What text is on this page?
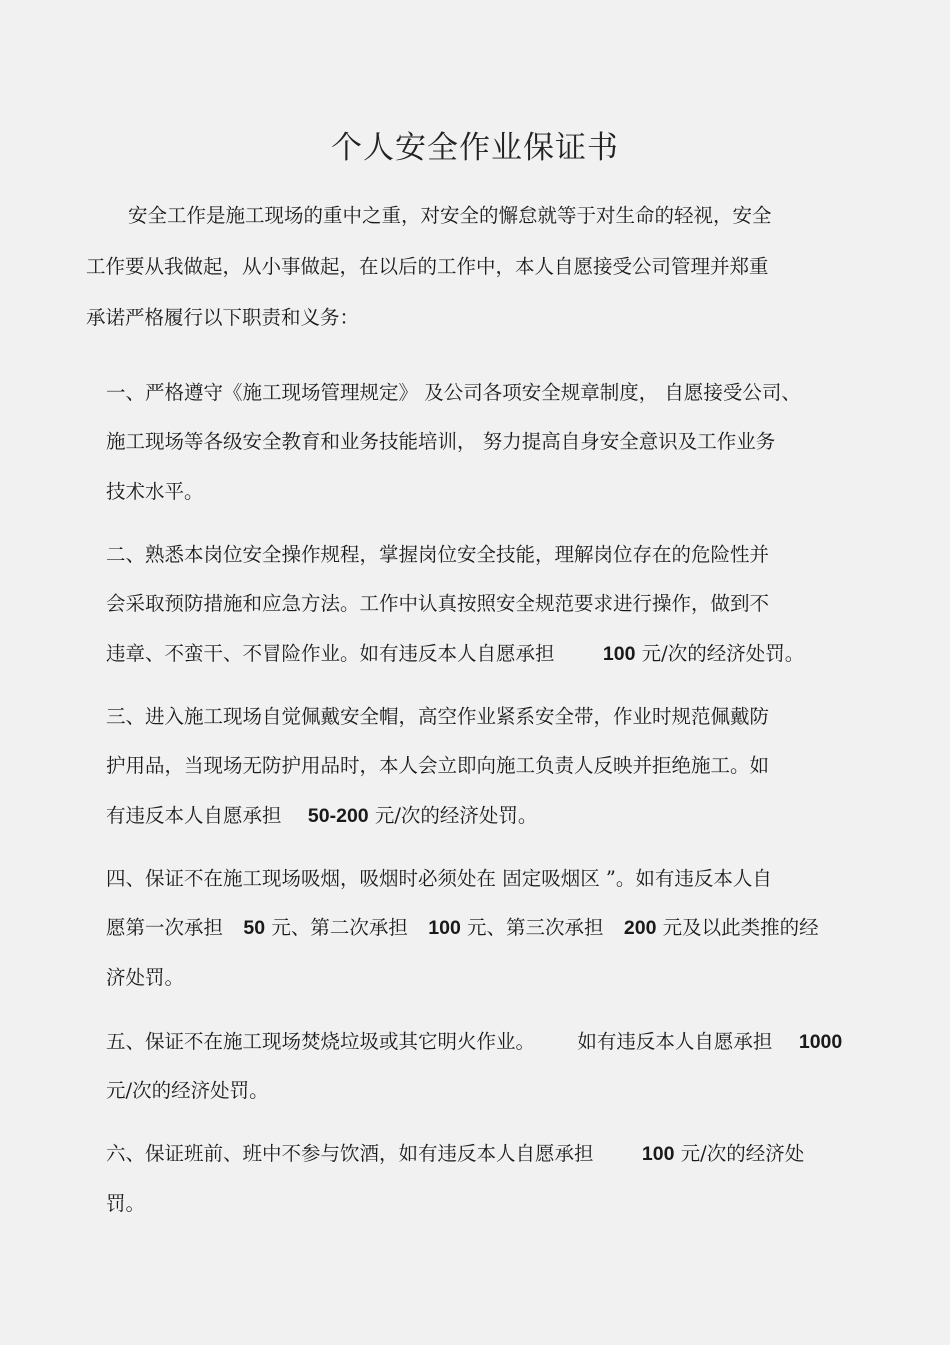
个人安全作业保证书
安全工作是施工现场的重中之重，对安全的懈怠就等于对生命的轻视，安全
工作要从我做起，从小事做起，在以后的工作中，本人自愿接受公司管理并郑重
承诺严格履行以下职责和义务：
一、严格遵守《施工现场管理规定》 及公司各项安全规章制度， 自愿接受公司、
施工现场等各级安全教育和业务技能培训， 努力提高自身安全意识及工作业务
技术水平。
二、熟悉本岗位安全操作规程，掌握岗位安全技能，理解岗位存在的危险性并
会采取预防措施和应急方法。工作中认真按照安全规范要求进行操作，做到不
违章、不蛮干、不冒险作业。如有违反本人自愿承担 100 元/次的经济处罚。
三、进入施工现场自觉佩戴安全帽，高空作业紧系安全带，作业时规范佩戴防
护用品，当现场无防护用品时，本人会立即向施工负责人反映并拒绝施工。如
有违反本人自愿承担 50-200 元/次的经济处罚。
四、保证不在施工现场吸烟，吸烟时必须处在 固定吸烟区 ”。如有违反本人自
愿第一次承担 50 元、第二次承担 100 元、第三次承担 200 元及以此类推的经
济处罚。
五、保证不在施工现场焚烧垃圾或其它明火作业。 如有违反本人自愿承担 1000
元/次的经济处罚。
六、保证班前、班中不参与饮酒，如有违反本人自愿承担 100 元/次的经济处
罚。
